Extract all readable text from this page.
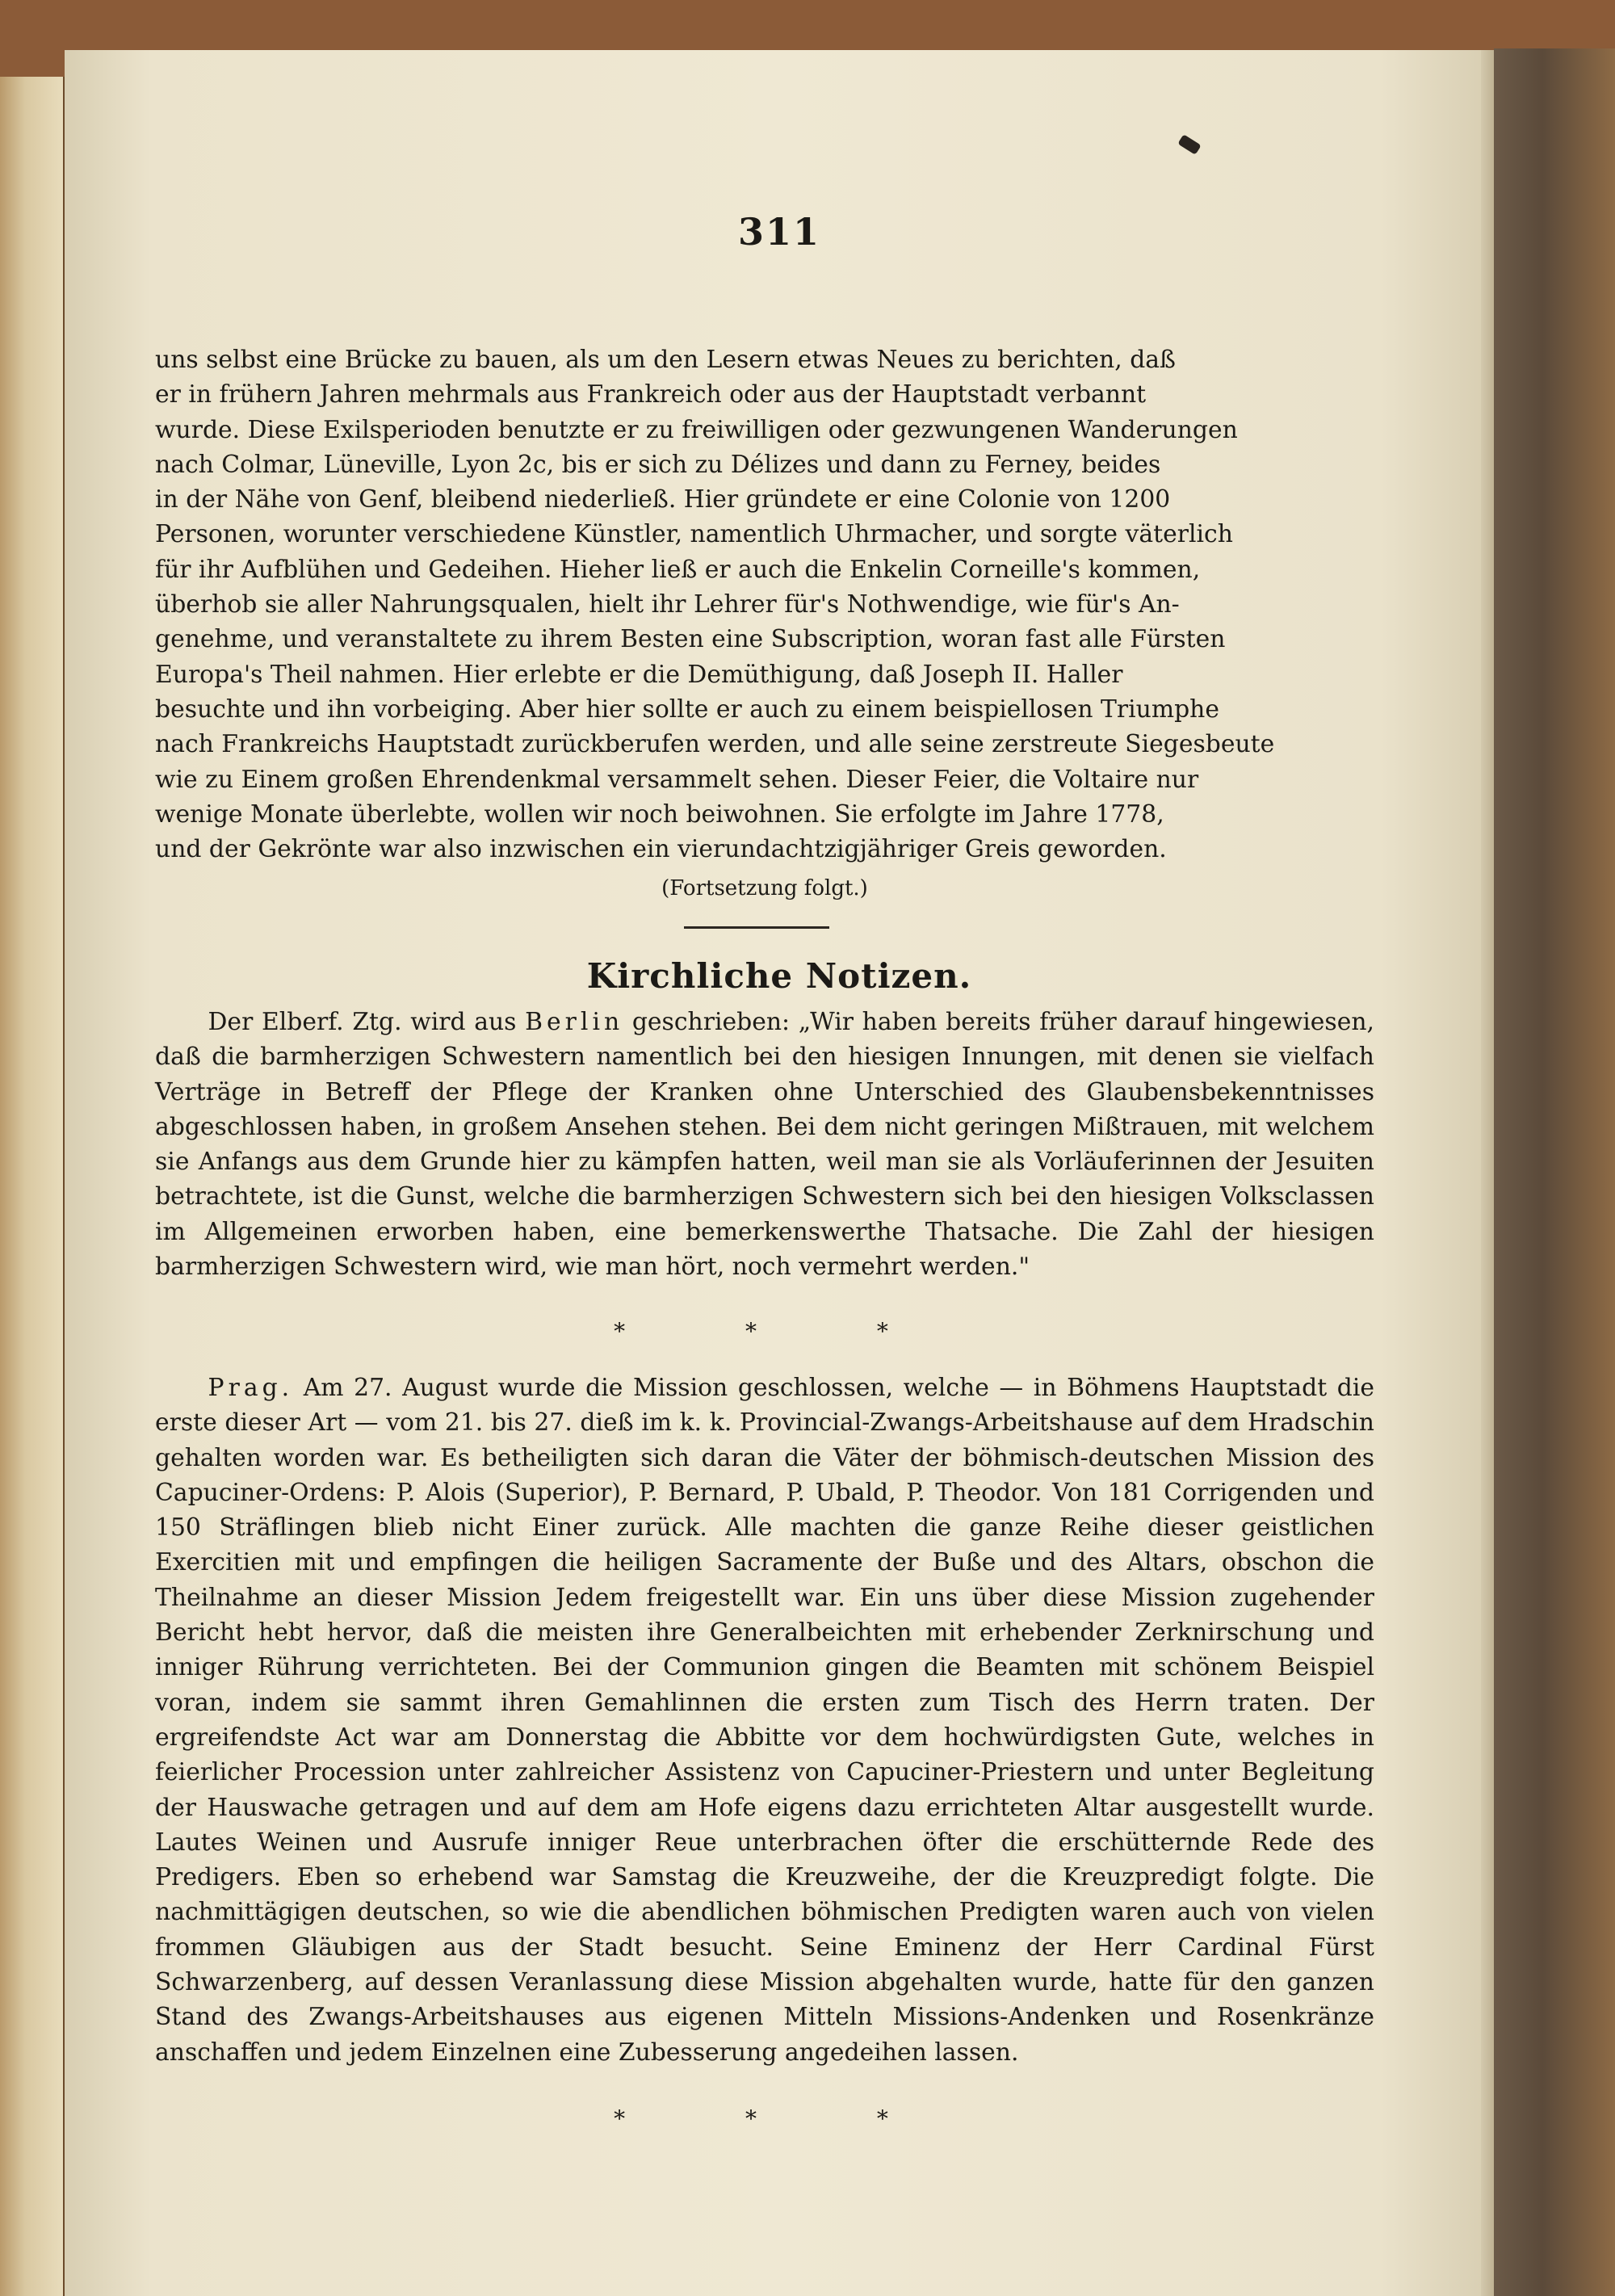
311

uns selbst eine Brücke zu bauen, als um den Lesern etwas Neues zu berichten, daß

er in frühern Jahren mehrmals aus Frankreich oder aus der Hauptstadt verbannt

wurde. Diese Exilsperioden benutzte er zu freiwilligen oder gezwungenen Wanderungen

nach Colmar, Lüneville, Lyon 2c, bis er sich zu Délizes und dann zu Ferney, beides

in der Nähe von Genf, bleibend niederließ. Hier gründete er eine Colonie von 1200

Personen, worunter verschiedene Künstler, namentlich Uhrmacher, und sorgte väterlich

für ihr Aufblühen und Gedeihen. Hieher ließ er auch die Enkelin Corneille's kommen,

überhob sie aller Nahrungsqualen, hielt ihr Lehrer für's Nothwendige, wie für's An-

genehme, und veranstaltete zu ihrem Besten eine Subscription, woran fast alle Fürsten

Europa's Theil nahmen. Hier erlebte er die Demüthigung, daß Joseph II. Haller

besuchte und ihn vorbeiging. Aber hier sollte er auch zu einem beispiellosen Triumphe

nach Frankreichs Hauptstadt zurückberufen werden, und alle seine zerstreute Siegesbeute

wie zu Einem großen Ehrendenkmal versammelt sehen. Dieser Feier, die Voltaire nur

wenige Monate überlebte, wollen wir noch beiwohnen. Sie erfolgte im Jahre 1778,

und der Gekrönte war also inzwischen ein vierundachtzigjähriger Greis geworden.

(Fortsetzung folgt.)

Kirchliche Notizen.

Der Elberf. Ztg. wird aus Berlin geschrieben: „Wir haben bereits früher darauf hingewiesen, daß die barmherzigen Schwestern namentlich bei den hiesigen Innungen, mit denen sie vielfach Verträge in Betreff der Pflege der Kranken ohne Unterschied des Glaubensbekenntnisses abgeschlossen haben, in großem Ansehen stehen. Bei dem nicht geringen Mißtrauen, mit welchem sie Anfangs aus dem Grunde hier zu kämpfen hatten, weil man sie als Vorläuferinnen der Jesuiten betrachtete, ist die Gunst, welche die barmherzigen Schwestern sich bei den hiesigen Volksclassen im Allgemeinen erworben haben, eine bemerkenswerthe Thatsache. Die Zahl der hiesigen barmherzigen Schwestern wird, wie man hört, noch vermehrt werden."

* * *

Prag. Am 27. August wurde die Mission geschlossen, welche — in Böhmens Hauptstadt die erste dieser Art — vom 21. bis 27. dieß im k. k. Provincial-Zwangs-Arbeitshause auf dem Hradschin gehalten worden war. Es betheiligten sich daran die Väter der böhmisch-deutschen Mission des Capuciner-Ordens: P. Alois (Superior), P. Bernard, P. Ubald, P. Theodor. Von 181 Corrigenden und 150 Sträflingen blieb nicht Einer zurück. Alle machten die ganze Reihe dieser geistlichen Exercitien mit und empfingen die heiligen Sacramente der Buße und des Altars, obschon die Theilnahme an dieser Mission Jedem freigestellt war. Ein uns über diese Mission zugehender Bericht hebt hervor, daß die meisten ihre Generalbeichten mit erhebender Zerknirschung und inniger Rührung verrichteten. Bei der Communion gingen die Beamten mit schönem Beispiel voran, indem sie sammt ihren Gemahlinnen die ersten zum Tisch des Herrn traten. Der ergreifendste Act war am Donnerstag die Abbitte vor dem hochwürdigsten Gute, welches in feierlicher Procession unter zahlreicher Assistenz von Capuciner-Priestern und unter Begleitung der Hauswache getragen und auf dem am Hofe eigens dazu errichteten Altar ausgestellt wurde. Lautes Weinen und Ausrufe inniger Reue unterbrachen öfter die erschütternde Rede des Predigers. Eben so erhebend war Samstag die Kreuzweihe, der die Kreuzpredigt folgte. Die nachmittägigen deutschen, so wie die abendlichen böhmischen Predigten waren auch von vielen frommen Gläubigen aus der Stadt besucht. Seine Eminenz der Herr Cardinal Fürst Schwarzenberg, auf dessen Veranlassung diese Mission abgehalten wurde, hatte für den ganzen Stand des Zwangs-Arbeitshauses aus eigenen Mitteln Missions-Andenken und Rosenkränze anschaffen und jedem Einzelnen eine Zubesserung angedeihen lassen.

* * *
